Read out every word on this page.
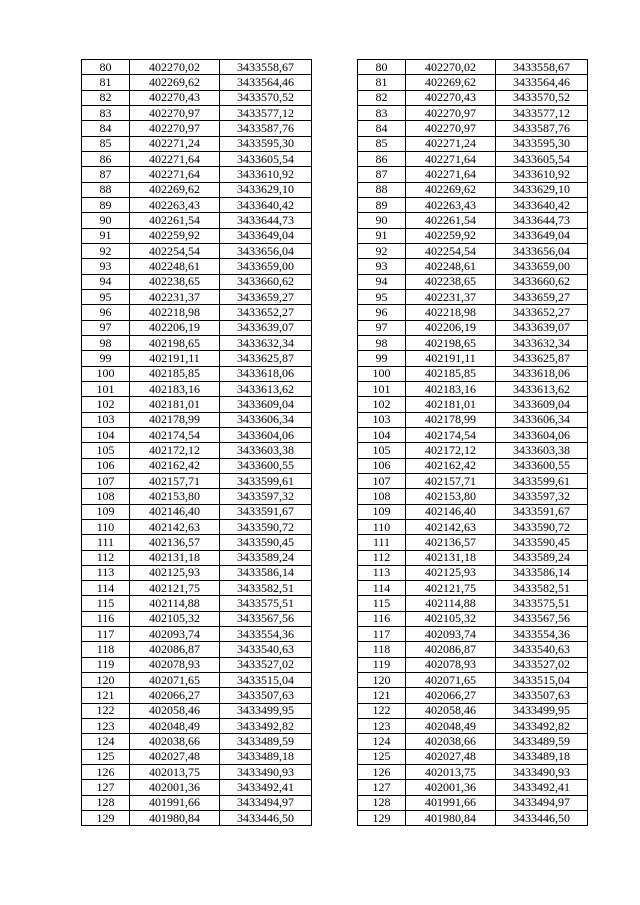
80	402270,02	3433558,67		80	402270,02	3433558,67
81	402269,62	3433564,46		81	402269,62	3433564,46
82	402270,43	3433570,52		82	402270,43	3433570,52
83	402270,97	3433577,12		83	402270,97	3433577,12
84	402270,97	3433587,76		84	402270,97	3433587,76
85	402271,24	3433595,30		85	402271,24	3433595,30
86	402271,64	3433605,54		86	402271,64	3433605,54
87	402271,64	3433610,92		87	402271,64	3433610,92
88	402269,62	3433629,10		88	402269,62	3433629,10
89	402263,43	3433640,42		89	402263,43	3433640,42
90	402261,54	3433644,73		90	402261,54	3433644,73
91	402259,92	3433649,04		91	402259,92	3433649,04
92	402254,54	3433656,04		92	402254,54	3433656,04
93	402248,61	3433659,00		93	402248,61	3433659,00
94	402238,65	3433660,62		94	402238,65	3433660,62
95	402231,37	3433659,27		95	402231,37	3433659,27
96	402218,98	3433652,27		96	402218,98	3433652,27
97	402206,19	3433639,07		97	402206,19	3433639,07
98	402198,65	3433632,34		98	402198,65	3433632,34
99	402191,11	3433625,87		99	402191,11	3433625,87
100	402185,85	3433618,06		100	402185,85	3433618,06
101	402183,16	3433613,62		101	402183,16	3433613,62
102	402181,01	3433609,04		102	402181,01	3433609,04
103	402178,99	3433606,34		103	402178,99	3433606,34
104	402174,54	3433604,06		104	402174,54	3433604,06
105	402172,12	3433603,38		105	402172,12	3433603,38
106	402162,42	3433600,55		106	402162,42	3433600,55
107	402157,71	3433599,61		107	402157,71	3433599,61
108	402153,80	3433597,32		108	402153,80	3433597,32
109	402146,40	3433591,67		109	402146,40	3433591,67
110	402142,63	3433590,72		110	402142,63	3433590,72
111	402136,57	3433590,45		111	402136,57	3433590,45
112	402131,18	3433589,24		112	402131,18	3433589,24
113	402125,93	3433586,14		113	402125,93	3433586,14
114	402121,75	3433582,51		114	402121,75	3433582,51
115	402114,88	3433575,51		115	402114,88	3433575,51
116	402105,32	3433567,56		116	402105,32	3433567,56
117	402093,74	3433554,36		117	402093,74	3433554,36
118	402086,87	3433540,63		118	402086,87	3433540,63
119	402078,93	3433527,02		119	402078,93	3433527,02
120	402071,65	3433515,04		120	402071,65	3433515,04
121	402066,27	3433507,63		121	402066,27	3433507,63
122	402058,46	3433499,95		122	402058,46	3433499,95
123	402048,49	3433492,82		123	402048,49	3433492,82
124	402038,66	3433489,59		124	402038,66	3433489,59
125	402027,48	3433489,18		125	402027,48	3433489,18
126	402013,75	3433490,93		126	402013,75	3433490,93
127	402001,36	3433492,41		127	402001,36	3433492,41
128	401991,66	3433494,97		128	401991,66	3433494,97
129	401980,84	3433446,50		129	401980,84	3433446,50
